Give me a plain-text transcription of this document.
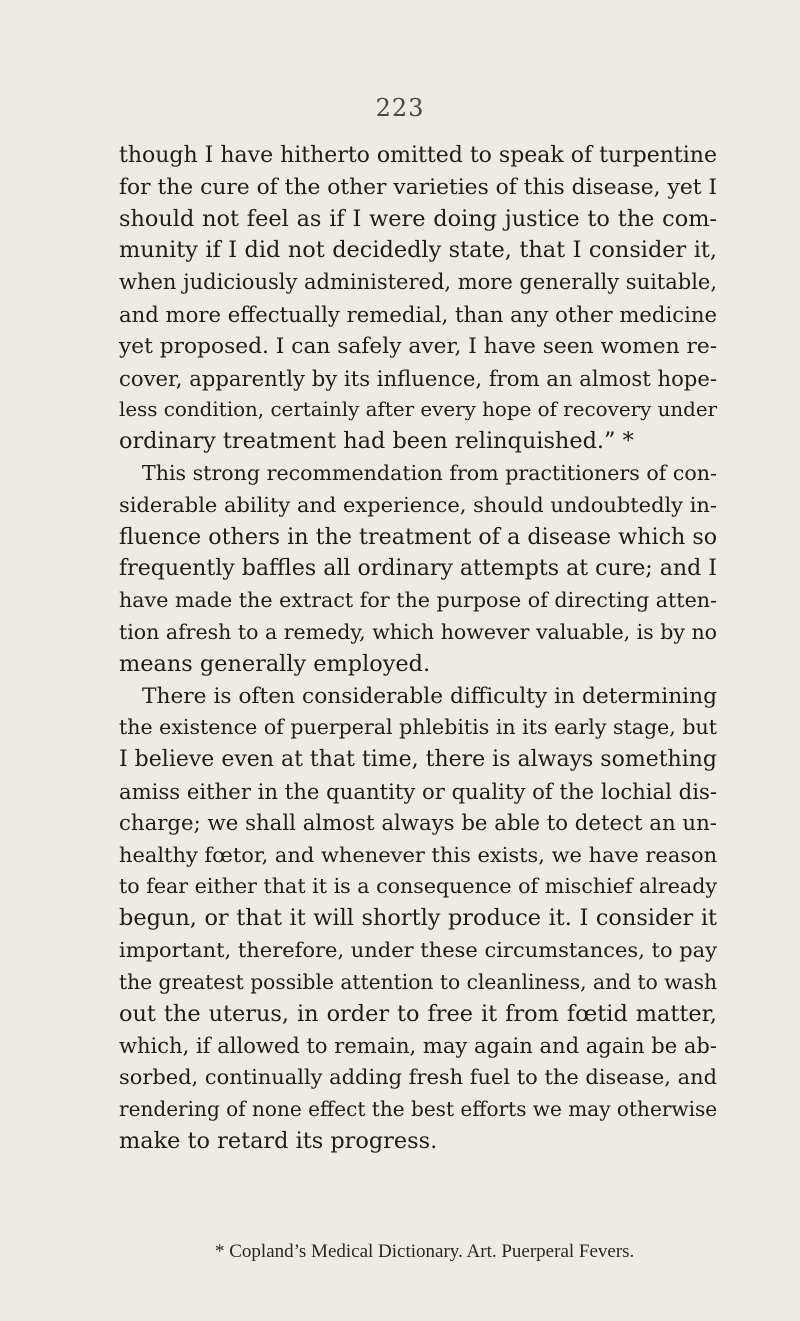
223
though I have hitherto omitted to speak of turpentine
for the cure of the other varieties of this disease, yet I
should not feel as if I were doing justice to the com-
munity if I did not decidedly state, that I consider it,
when judiciously administered, more generally suitable,
and more effectually remedial, than any other medicine
yet proposed. I can safely aver, I have seen women re-
cover, apparently by its influence, from an almost hope-
less condition, certainly after every hope of recovery under
ordinary treatment had been relinquished.” *
This strong recommendation from practitioners of con-
siderable ability and experience, should undoubtedly in-
fluence others in the treatment of a disease which so
frequently baffles all ordinary attempts at cure; and I
have made the extract for the purpose of directing atten-
tion afresh to a remedy, which however valuable, is by no
means generally employed.
There is often considerable difficulty in determining
the existence of puerperal phlebitis in its early stage, but
I believe even at that time, there is always something
amiss either in the quantity or quality of the lochial dis-
charge; we shall almost always be able to detect an un-
healthy fœtor, and whenever this exists, we have reason
to fear either that it is a consequence of mischief already
begun, or that it will shortly produce it. I consider it
important, therefore, under these circumstances, to pay
the greatest possible attention to cleanliness, and to wash
out the uterus, in order to free it from fœtid matter,
which, if allowed to remain, may again and again be ab-
sorbed, continually adding fresh fuel to the disease, and
rendering of none effect the best efforts we may otherwise
make to retard its progress.
* Copland’s Medical Dictionary. Art. Puerperal Fevers.
